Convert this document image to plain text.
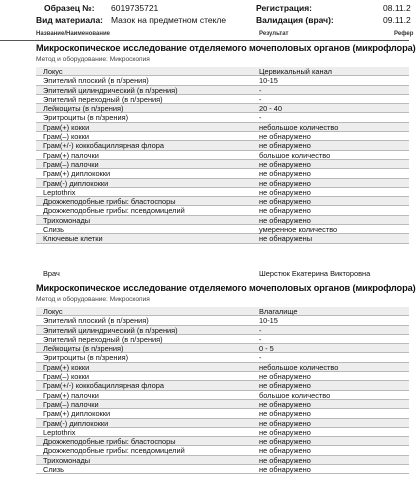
Образец №: 6019735721
Вид материала: Мазок на предметном стекле
Регистрация:	08.11.2
Валидация (врач):	09.11.2
Название/Наименование	Результат	Рефер
Микроскопическое исследование отделяемого мочеполовых органов (микрофлора)
Метод и оборудование: Микроскопия
Локус	Цервикальный канал
Эпителий плоский (в п/зрения)	10-15
Эпителий цилиндрический (в п/зрения)	-
Эпителий переходный (в п/зрения)	-
Лейкоциты (в п/зрения)	20 - 40
Эритроциты (в п/зрения)	-
Грам(+) кокки	небольшое количество
Грам(–) кокки	не обнаружено
Грам(+/-) коккобациллярная флора	не обнаружено
Грам(+) палочки	большое количество
Грам(–) палочки	не обнаружено
Грам(+) диплококки	не обнаружено
Грам(-) диплококки	не обнаружено
Leptothrix	не обнаружено
Дрожжеподобные грибы: бластоспоры	не обнаружено
Дрожжеподобные грибы: псевдомицелий	не обнаружено
Трихомонады	не обнаружено
Слизь	умеренное количество
Ключевые клетки	не обнаружены
Врач	Шерстюк Екатерина Викторовна
Микроскопическое исследование отделяемого мочеполовых органов (микрофлора)
Метод и оборудование: Микроскопия
Локус	Влагалище
Эпителий плоский (в п/зрения)	10-15
Эпителий цилиндрический (в п/зрения)	-
Эпителий переходный (в п/зрения)	-
Лейкоциты (в п/зрения)	0 - 5
Эритроциты (в п/зрения)	-
Грам(+) кокки	небольшое количество
Грам(–) кокки	не обнаружено
Грам(+/-) коккобациллярная флора	не обнаружено
Грам(+) палочки	большое количество
Грам(–) палочки	не обнаружено
Грам(+) диплококки	не обнаружено
Грам(-) диплококки	не обнаружено
Leptothrix	не обнаружено
Дрожжеподобные грибы: бластоспоры	не обнаружено
Дрожжеподобные грибы: псевдомицелий	не обнаружено
Трихомонады	не обнаружено
Слизь	не обнаружено
